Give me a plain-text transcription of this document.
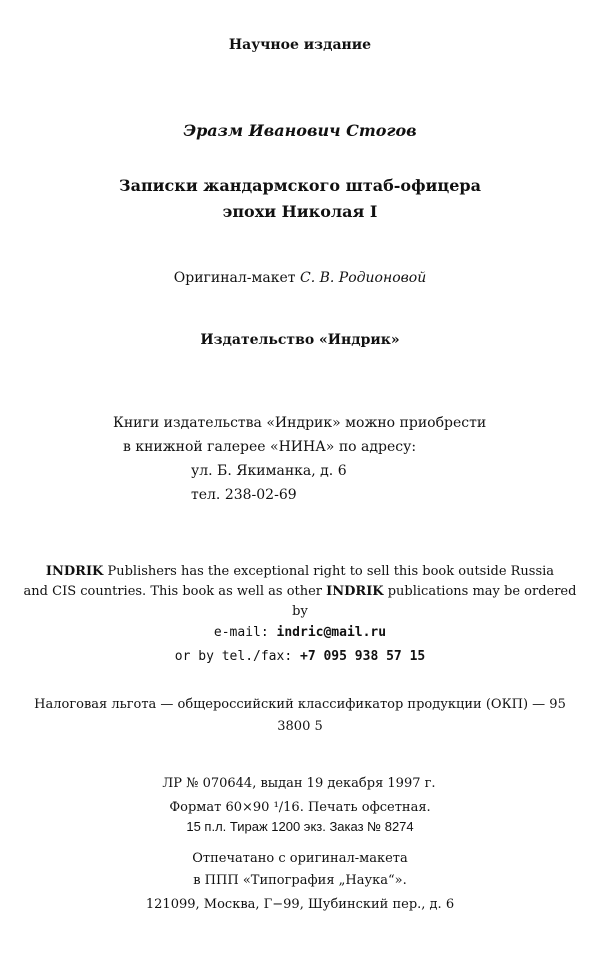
Научное издание
Эразм Иванович Стогов
Записки жандармского штаб-офицера
эпохи Николая I
Оригинал-макет С. В. Родионовой
Издательство «Индрик»
Книги издательства «Индрик» можно приобрести
в книжной галерее «НИНА» по адресу:
ул. Б. Якиманка, д. 6
тел. 238-02-69
INDRIK Publishers has the exceptional right to sell this book outside Russia
and CIS countries. This book as well as other INDRIK publications may be ordered
by
e-mail: indric@mail.ru
or by tel./fax: +7 095 938 57 15
Налоговая льгота — общероссийский классификатор продукции (ОКП) — 95
3800 5
ЛР № 070644, выдан 19 декабря 1997 г.
Формат 60×90 ¹/16. Печать офсетная.
15 п.л. Тираж 1200 экз. Заказ № 8274
Отпечатано с оригинал-макета
в ППП «Типография „Наука“».
121099, Москва, Г−99, Шубинский пер., д. 6
